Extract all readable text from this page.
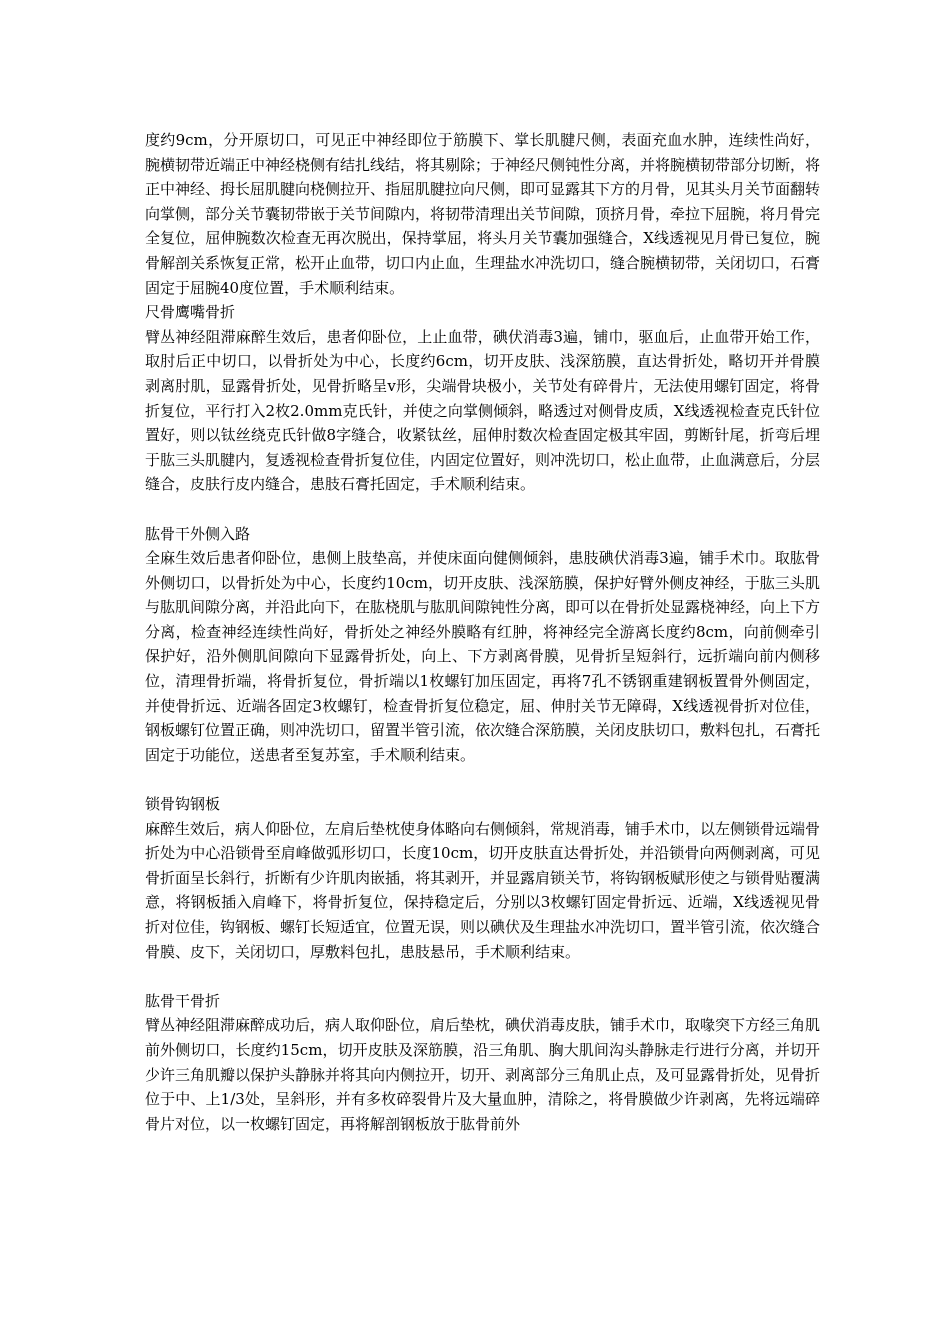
度约9cm，分开原切口，可见正中神经即位于筋膜下、掌长肌腱尺侧，表面充血水肿，连续性尚好，腕横韧带近端正中神经桡侧有结扎线结，将其剔除；于神经尺侧钝性分离，并将腕横韧带部分切断，将正中神经、拇长屈肌腱向桡侧拉开、指屈肌腱拉向尺侧，即可显露其下方的月骨，见其头月关节面翻转向掌侧，部分关节囊韧带嵌于关节间隙内，将韧带清理出关节间隙，顶挤月骨，牵拉下屈腕，将月骨完全复位，屈伸腕数次检查无再次脱出，保持掌屈，将头月关节囊加强缝合，X线透视见月骨已复位，腕骨解剖关系恢复正常，松开止血带，切口内止血，生理盐水冲洗切口，缝合腕横韧带，关闭切口，石膏固定于屈腕40度位置，手术顺利结束。

尺骨鹰嘴骨折

臂丛神经阻滞麻醉生效后，患者仰卧位，上止血带，碘伏消毒3遍，铺巾，驱血后，止血带开始工作，取肘后正中切口，以骨折处为中心，长度约6cm，切开皮肤、浅深筋膜，直达骨折处，略切开并骨膜剥离肘肌，显露骨折处，见骨折略呈v形，尖端骨块极小，关节处有碎骨片，无法使用螺钉固定，将骨折复位，平行打入2枚2.0mm克氏针，并使之向掌侧倾斜，略透过对侧骨皮质，X线透视检查克氏针位置好，则以钛丝绕克氏针做8字缝合，收紧钛丝，屈伸肘数次检查固定极其牢固，剪断针尾，折弯后埋于肱三头肌腱内，复透视检查骨折复位佳，内固定位置好，则冲洗切口，松止血带，止血满意后，分层缝合，皮肤行皮内缝合，患肢石膏托固定，手术顺利结束。

肱骨干外侧入路

全麻生效后患者仰卧位，患侧上肢垫高，并使床面向健侧倾斜，患肢碘伏消毒3遍，铺手术巾。取肱骨外侧切口，以骨折处为中心，长度约10cm，切开皮肤、浅深筋膜，保护好臂外侧皮神经，于肱三头肌与肱肌间隙分离，并沿此向下，在肱桡肌与肱肌间隙钝性分离，即可以在骨折处显露桡神经，向上下方分离，检查神经连续性尚好，骨折处之神经外膜略有红肿，将神经完全游离长度约8cm，向前侧牵引保护好，沿外侧肌间隙向下显露骨折处，向上、下方剥离骨膜，见骨折呈短斜行，远折端向前内侧移位，清理骨折端，将骨折复位，骨折端以1枚螺钉加压固定，再将7孔不锈钢重建钢板置骨外侧固定，并使骨折远、近端各固定3枚螺钉，检查骨折复位稳定，屈、伸肘关节无障碍，X线透视骨折对位佳，钢板螺钉位置正确，则冲洗切口，留置半管引流，依次缝合深筋膜，关闭皮肤切口，敷料包扎，石膏托固定于功能位，送患者至复苏室，手术顺利结束。

锁骨钩钢板

麻醉生效后，病人仰卧位，左肩后垫枕使身体略向右侧倾斜，常规消毒，铺手术巾，以左侧锁骨远端骨折处为中心沿锁骨至肩峰做弧形切口，长度10cm，切开皮肤直达骨折处，并沿锁骨向两侧剥离，可见骨折面呈长斜行，折断有少许肌肉嵌插，将其剥开，并显露肩锁关节，将钩钢板赋形使之与锁骨贴覆满意，将钢板插入肩峰下，将骨折复位，保持稳定后，分别以3枚螺钉固定骨折远、近端，X线透视见骨折对位佳，钩钢板、螺钉长短适宜，位置无误，则以碘伏及生理盐水冲洗切口，置半管引流，依次缝合骨膜、皮下，关闭切口，厚敷料包扎，患肢悬吊，手术顺利结束。

肱骨干骨折

臂丛神经阻滞麻醉成功后，病人取仰卧位，肩后垫枕，碘伏消毒皮肤，铺手术巾，取喙突下方经三角肌前外侧切口，长度约15cm，切开皮肤及深筋膜，沿三角肌、胸大肌间沟头静脉走行进行分离，并切开少许三角肌瓣以保护头静脉并将其向内侧拉开，切开、剥离部分三角肌止点，及可显露骨折处，见骨折位于中、上1/3处，呈斜形，并有多枚碎裂骨片及大量血肿，清除之，将骨膜做少许剥离，先将远端碎骨片对位，以一枚螺钉固定，再将解剖钢板放于肱骨前外
